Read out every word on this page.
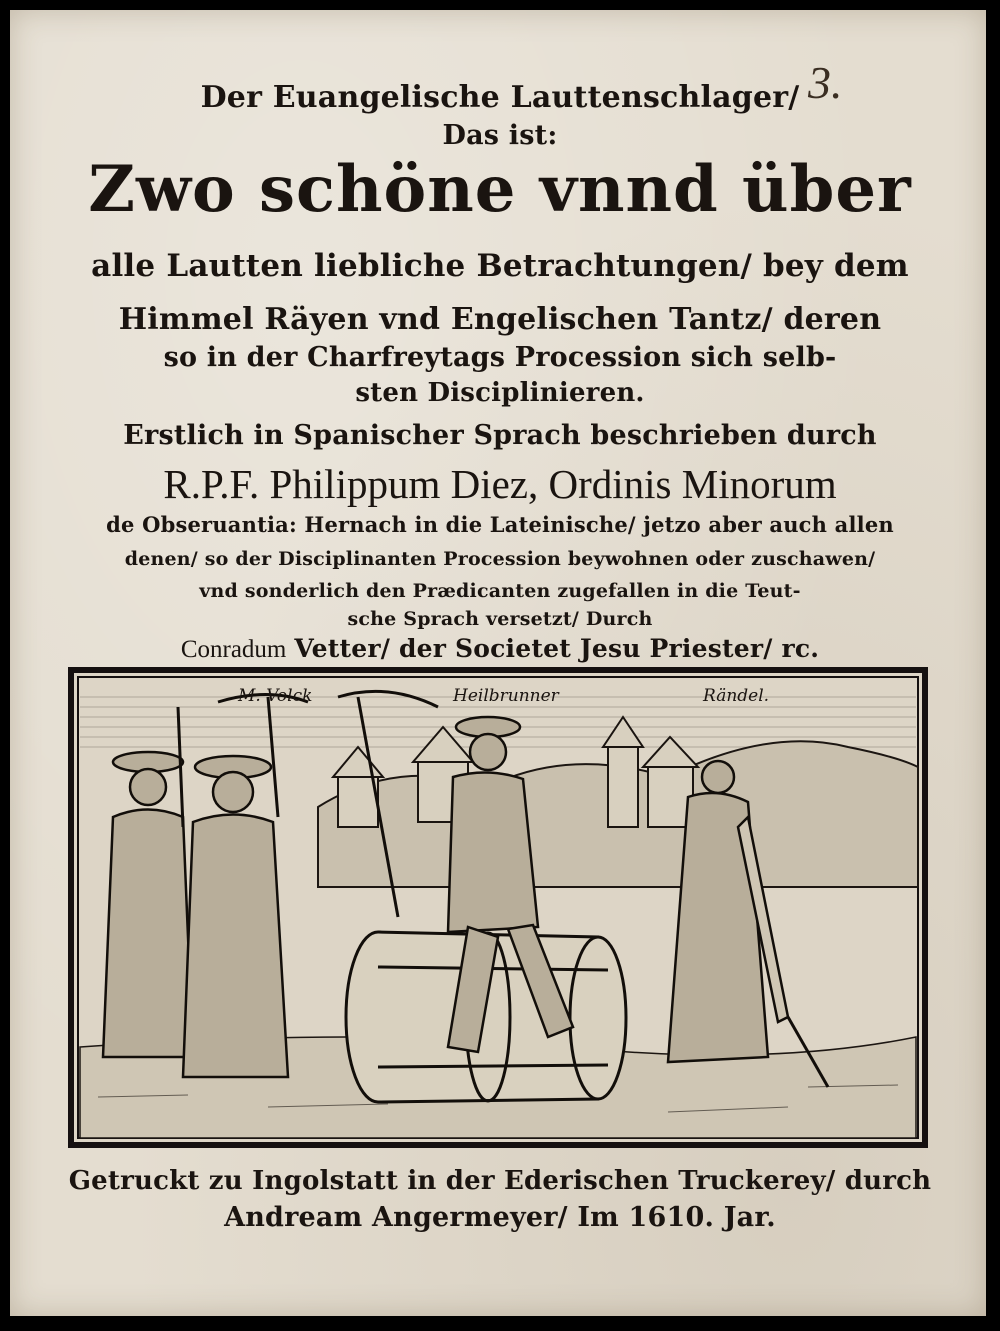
3.
Der Euangelische Lauttenschlager/
Das ist:
Zwo schöne vnnd über
alle Lautten liebliche Betrachtungen/ bey dem
Himmel Räyen vnd Engelischen Tantz/ deren
so in der Charfreytags Procession sich selb-
sten Disciplinieren.
Erstlich in Spanischer Sprach beschrieben durch
R.P.F. Philippum Diez, Ordinis Minorum
de Obseruantia: Hernach in die Lateinische/ jetzo aber auch allen
denen/ so der Disciplinanten Procession beywohnen oder zuschawen/
vnd sonderlich den Prædicanten zugefallen in die Teut-
sche Sprach versetzt/ Durch
Conradum Vetter/ der Societet Jesu Priester/ rc.
M. Volck	Heilbrunner	Rändel.
Getruckt zu Ingolstatt in der Ederischen Truckerey/ durch
Andream Angermeyer/ Im 1610. Jar.
